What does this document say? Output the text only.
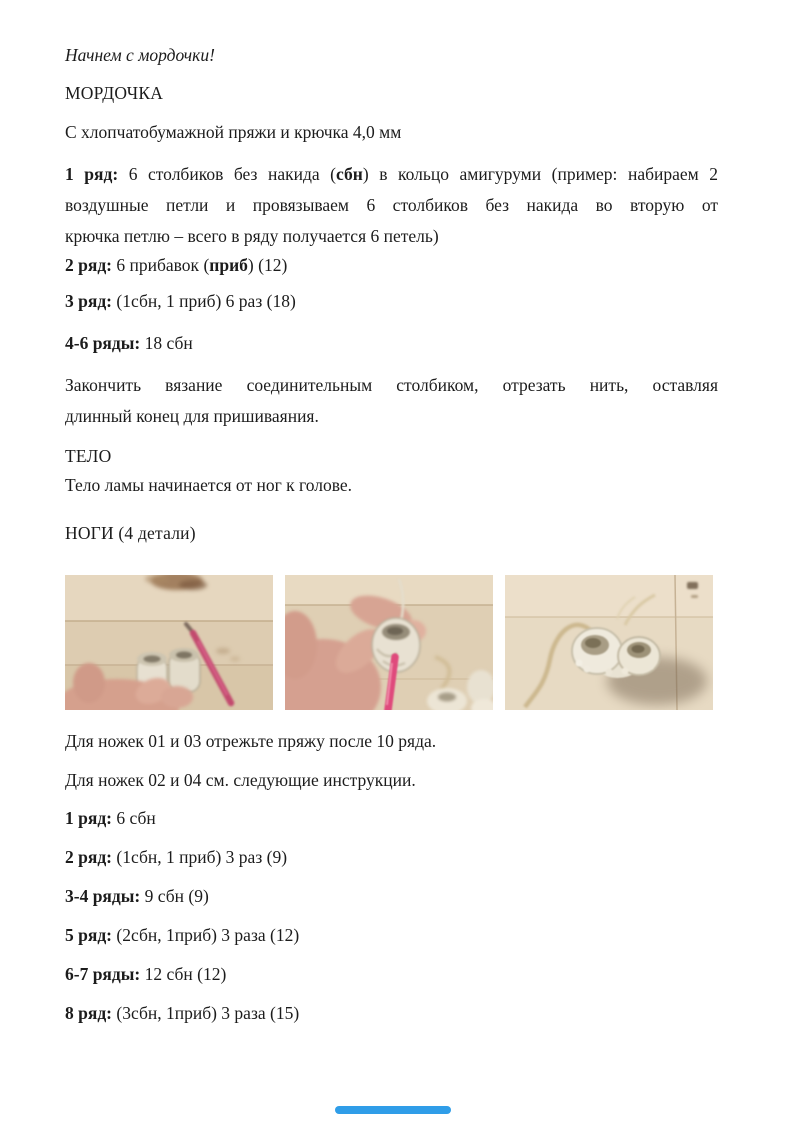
Начнем с мордочки!

МОРДОЧКА

С хлопчатобумажной пряжи и крючка 4,0 мм

1 ряд: 6 столбиков без накида (сбн) в кольцо амигуруми (пример: набираем 2
воздушные петли и провязываем 6 столбиков без накида во вторую от
крючка петлю – всего в ряду получается 6 петель)

2 ряд: 6 прибавок (приб) (12)

3 ряд: (1сбн, 1 приб) 6 раз (18)

4-6 ряды: 18 сбн

Закончить вязание соединительным столбиком, отрезать нить, оставляя
длинный конец для пришиваяния.

ТЕЛО

Тело ламы начинается от ног к голове.

НОГИ (4 детали)

Для ножек 01 и 03 отрежьте пряжу после 10 ряда.

Для ножек 02 и 04 см. следующие инструкции.

1 ряд: 6 сбн

2 ряд: (1сбн, 1 приб) 3 раз (9)

3-4 ряды: 9 сбн (9)

5 ряд: (2сбн, 1приб) 3 раза (12)

6-7 ряды: 12 сбн (12)

8 ряд: (3сбн, 1приб) 3 раза (15)
